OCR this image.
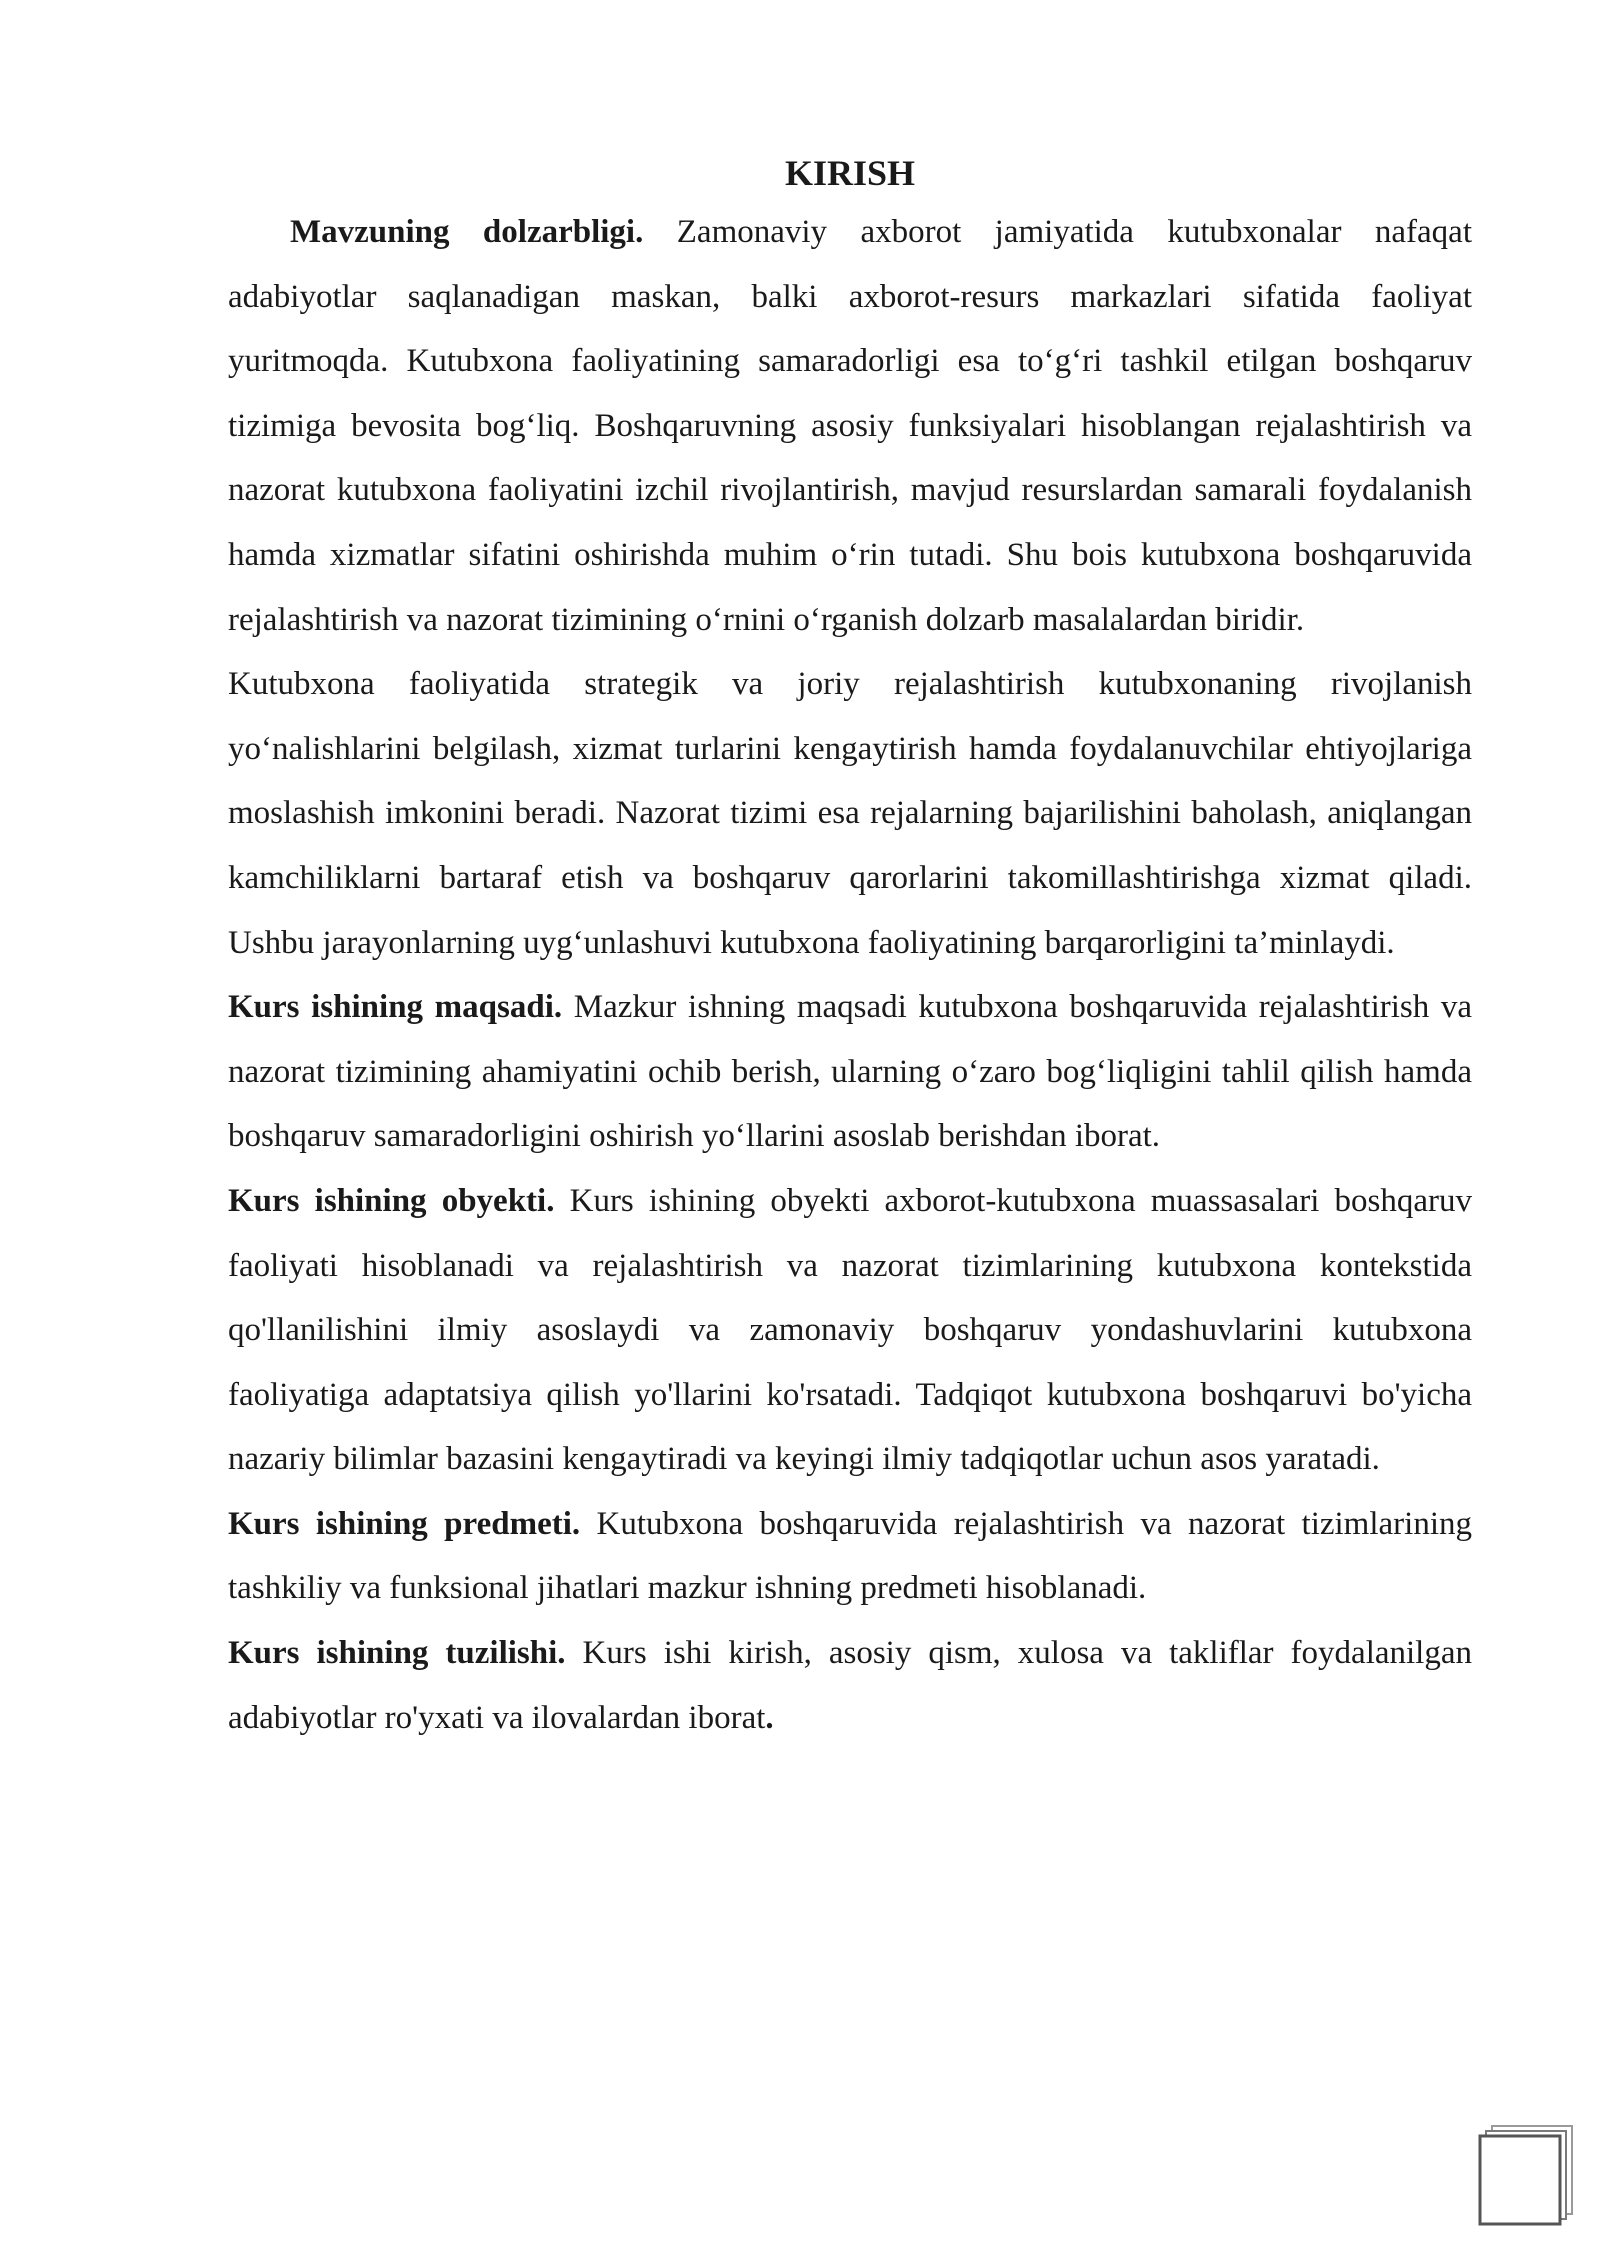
KIRISH

Mavzuning dolzarbligi. Zamonaviy axborot jamiyatida kutubxonalar nafaqat adabiyotlar saqlanadigan maskan, balki axborot-resurs markazlari sifatida faoliyat yuritmoqda. Kutubxona faoliyatining samaradorligi esa to‘g‘ri tashkil etilgan boshqaruv tizimiga bevosita bog‘liq. Boshqaruvning asosiy funksiyalari hisoblangan rejalashtirish va nazorat kutubxona faoliyatini izchil rivojlantirish, mavjud resurslardan samarali foydalanish hamda xizmatlar sifatini oshirishda muhim o‘rin tutadi. Shu bois kutubxona boshqaruvida rejalashtirish va nazorat tizimining o‘rnini o‘rganish dolzarb masalalardan biridir.

Kutubxona faoliyatida strategik va joriy rejalashtirish kutubxonaning rivojlanish yo‘nalishlarini belgilash, xizmat turlarini kengaytirish hamda foydalanuvchilar ehtiyojlariga moslashish imkonini beradi. Nazorat tizimi esa rejalarning bajarilishini baholash, aniqlangan kamchiliklarni bartaraf etish va boshqaruv qarorlarini takomillashtirishga xizmat qiladi. Ushbu jarayonlarning uyg‘unlashuvi kutubxona faoliyatining barqarorligini ta’minlaydi.

Kurs ishining maqsadi. Mazkur ishning maqsadi kutubxona boshqaruvida rejalashtirish va nazorat tizimining ahamiyatini ochib berish, ularning o‘zaro bog‘liqligini tahlil qilish hamda boshqaruv samaradorligini oshirish yo‘llarini asoslab berishdan iborat.

Kurs ishining obyekti. Kurs ishining obyekti axborot-kutubxona muassasalari boshqaruv faoliyati hisoblanadi va rejalashtirish va nazorat tizimlarining kutubxona kontekstida qo'llanilishini ilmiy asoslaydi va zamonaviy boshqaruv yondashuvlarini kutubxona faoliyatiga adaptatsiya qilish yo'llarini ko'rsatadi. Tadqiqot kutubxona boshqaruvi bo'yicha nazariy bilimlar bazasini kengaytiradi va keyingi ilmiy tadqiqotlar uchun asos yaratadi.

Kurs ishining predmeti. Kutubxona boshqaruvida rejalashtirish va nazorat tizimlarining tashkiliy va funksional jihatlari mazkur ishning predmeti hisoblanadi.

Kurs ishining tuzilishi. Kurs ishi kirish, asosiy qism, xulosa va takliflar foydalanilgan adabiyotlar ro'yxati va ilovalardan iborat.
